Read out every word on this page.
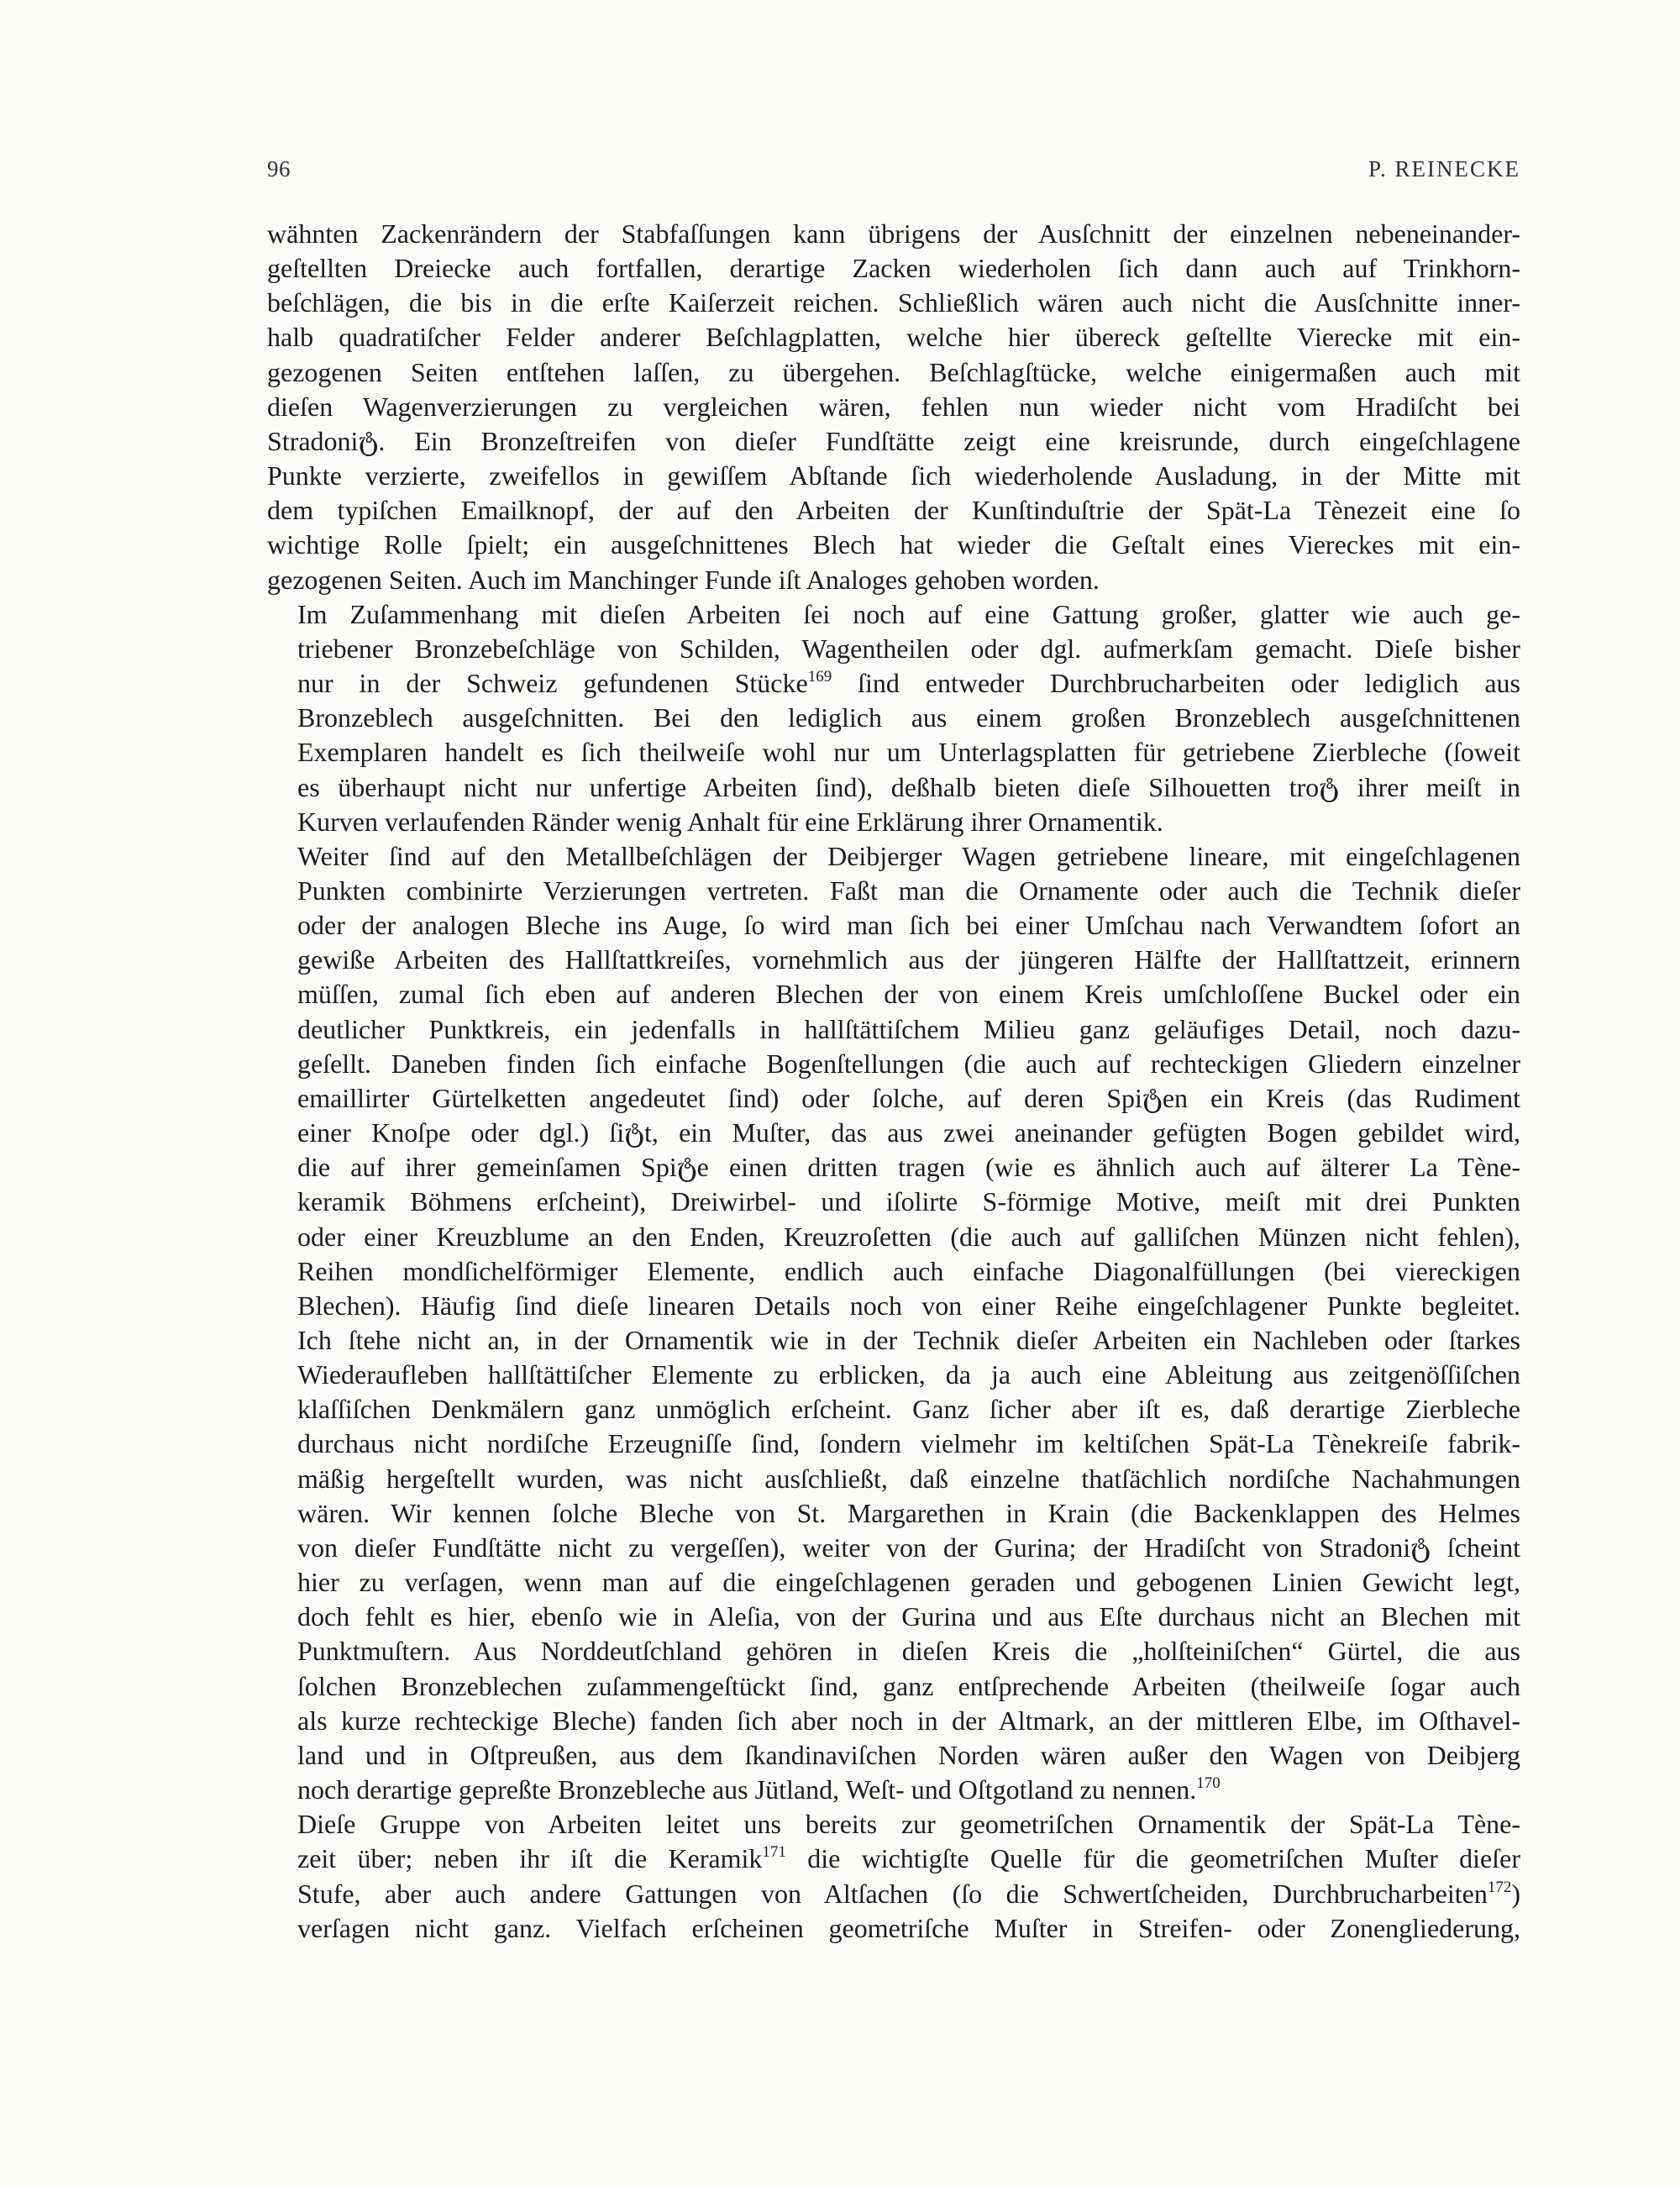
96	P. REINECKE

wähnten Zackenrändern der Stabfaſſungen kann übrigens der Ausſchnitt der einzelnen nebeneinander-
geſtellten Dreiecke auch fortfallen, derartige Zacken wiederholen ſich dann auch auf Trinkhorn-
beſchlägen, die bis in die erſte Kaiſerzeit reichen. Schließlich wären auch nicht die Ausſchnitte inner-
halb quadratiſcher Felder anderer Beſchlagplatten, welche hier übereck geſtellte Vierecke mit ein-
gezogenen Seiten entſtehen laſſen, zu übergehen. Beſchlagſtücke, welche einigermaßen auch mit
dieſen Wagenverzierungen zu vergleichen wären, fehlen nun wieder nicht vom Hradiſcht bei
Stradoniტ. Ein Bronzeſtreifen von dieſer Fundſtätte zeigt eine kreisrunde, durch eingeſchlagene
Punkte verzierte, zweifellos in gewiſſem Abſtande ſich wiederholende Ausladung, in der Mitte mit
dem typiſchen Emailknopf, der auf den Arbeiten der Kunſtinduſtrie der Spät-La Tènezeit eine ſo
wichtige Rolle ſpielt; ein ausgeſchnittenes Blech hat wieder die Geſtalt eines Viereckes mit ein-
gezogenen Seiten. Auch im Manchinger Funde iſt Analoges gehoben worden.

Im Zuſammenhang mit dieſen Arbeiten ſei noch auf eine Gattung großer, glatter wie auch ge-
triebener Bronzebeſchläge von Schilden, Wagentheilen oder dgl. aufmerkſam gemacht. Dieſe bisher
nur in der Schweiz gefundenen Stücke$^{169}$ ſind entweder Durchbrucharbeiten oder lediglich aus
Bronzeblech ausgeſchnitten. Bei den lediglich aus einem großen Bronzeblech ausgeſchnittenen
Exemplaren handelt es ſich theilweiſe wohl nur um Unterlagsplatten für getriebene Zierbleche (ſoweit
es überhaupt nicht nur unfertige Arbeiten ſind), deßhalb bieten dieſe Silhouetten troტ ihrer meiſt in
Kurven verlaufenden Ränder wenig Anhalt für eine Erklärung ihrer Ornamentik.

Weiter ſind auf den Metallbeſchlägen der Deibjerger Wagen getriebene lineare, mit eingeſchlagenen
Punkten combinirte Verzierungen vertreten. Faßt man die Ornamente oder auch die Technik dieſer
oder der analogen Bleche ins Auge, ſo wird man ſich bei einer Umſchau nach Verwandtem ſofort an
gewiße Arbeiten des Hallſtattkreiſes, vornehmlich aus der jüngeren Hälfte der Hallſtattzeit, erinnern
müſſen, zumal ſich eben auf anderen Blechen der von einem Kreis umſchloſſene Buckel oder ein
deutlicher Punktkreis, ein jedenfalls in hallſtättiſchem Milieu ganz geläufiges Detail, noch dazu-
geſellt. Daneben finden ſich einfache Bogenſtellungen (die auch auf rechteckigen Gliedern einzelner
emaillirter Gürtelketten angedeutet ſind) oder ſolche, auf deren Spiტen ein Kreis (das Rudiment
einer Knoſpe oder dgl.) ſiტt, ein Muſter, das aus zwei aneinander gefügten Bogen gebildet wird,
die auf ihrer gemeinſamen Spiტe einen dritten tragen (wie es ähnlich auch auf älterer La Tène-
keramik Böhmens erſcheint), Dreiwirbel- und iſolirte S-förmige Motive, meiſt mit drei Punkten
oder einer Kreuzblume an den Enden, Kreuzroſetten (die auch auf galliſchen Münzen nicht fehlen),
Reihen mondſichelförmiger Elemente, endlich auch einfache Diagonalfüllungen (bei viereckigen
Blechen). Häufig ſind dieſe linearen Details noch von einer Reihe eingeſchlagener Punkte begleitet.
Ich ſtehe nicht an, in der Ornamentik wie in der Technik dieſer Arbeiten ein Nachleben oder ſtarkes
Wiederaufleben hallſtättiſcher Elemente zu erblicken, da ja auch eine Ableitung aus zeitgenöſſiſchen
klaſſiſchen Denkmälern ganz unmöglich erſcheint. Ganz ſicher aber iſt es, daß derartige Zierbleche
durchaus nicht nordiſche Erzeugniſſe ſind, ſondern vielmehr im keltiſchen Spät-La Tènekreiſe fabrik-
mäßig hergeſtellt wurden, was nicht ausſchließt, daß einzelne thatſächlich nordiſche Nachahmungen
wären. Wir kennen ſolche Bleche von St. Margarethen in Krain (die Backenklappen des Helmes
von dieſer Fundſtätte nicht zu vergeſſen), weiter von der Gurina; der Hradiſcht von Stradoniტ ſcheint
hier zu verſagen, wenn man auf die eingeſchlagenen geraden und gebogenen Linien Gewicht legt,
doch fehlt es hier, ebenſo wie in Aleſia, von der Gurina und aus Eſte durchaus nicht an Blechen mit
Punktmuſtern. Aus Norddeutſchland gehören in dieſen Kreis die „holſteiniſchen“ Gürtel, die aus
ſolchen Bronzeblechen zuſammengeſtückt ſind, ganz entſprechende Arbeiten (theilweiſe ſogar auch
als kurze rechteckige Bleche) fanden ſich aber noch in der Altmark, an der mittleren Elbe, im Oſthavel-
land und in Oſtpreußen, aus dem ſkandinaviſchen Norden wären außer den Wagen von Deibjerg
noch derartige gepreßte Bronzebleche aus Jütland, Weſt- und Oſtgotland zu nennen.$^{170}$

Dieſe Gruppe von Arbeiten leitet uns bereits zur geometriſchen Ornamentik der Spät-La Tène-
zeit über; neben ihr iſt die Keramik$^{171}$ die wichtigſte Quelle für die geometriſchen Muſter dieſer
Stufe, aber auch andere Gattungen von Altſachen (ſo die Schwertſcheiden, Durchbrucharbeiten$^{172}$)
verſagen nicht ganz. Vielfach erſcheinen geometriſche Muſter in Streifen- oder Zonengliederung,
